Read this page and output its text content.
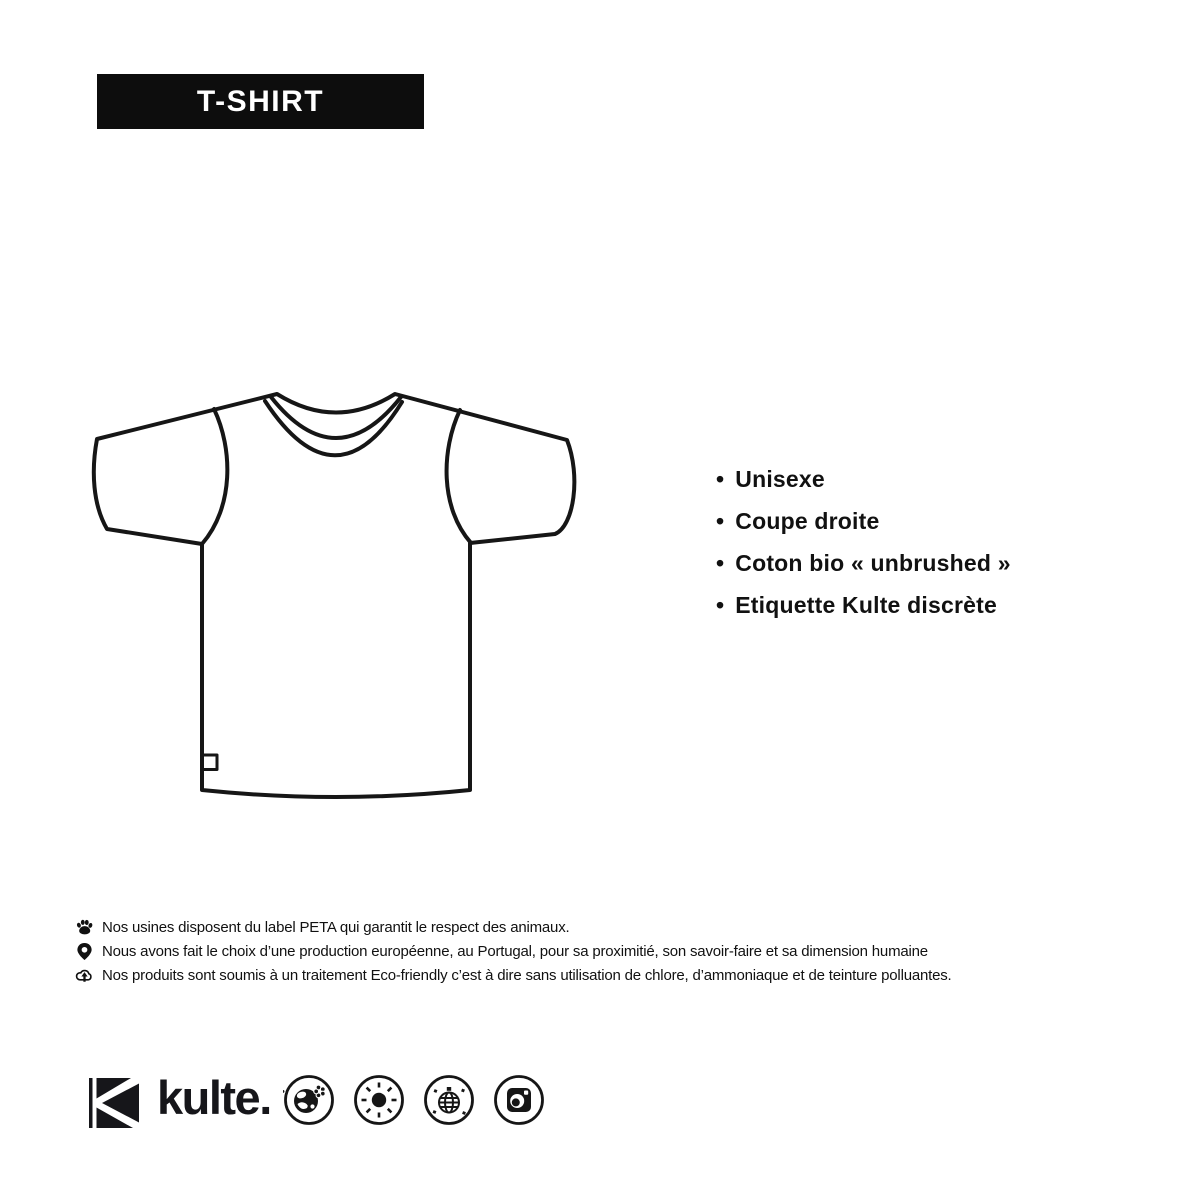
T-SHIRT
• Unisexe
• Coupe droite
• Coton bio « unbrushed »
• Etiquette Kulte discrète
Nos usines disposent du label PETA qui garantit le respect des animaux.
Nous avons fait le choix d’une production européenne, au Portugal, pour sa proximitié, son savoir-faire et sa dimension humaine
Nos produits sont soumis à un traitement Eco-friendly c’est à dire sans utilisation de chlore, d’ammoniaque et de teinture polluantes.
kulte.
